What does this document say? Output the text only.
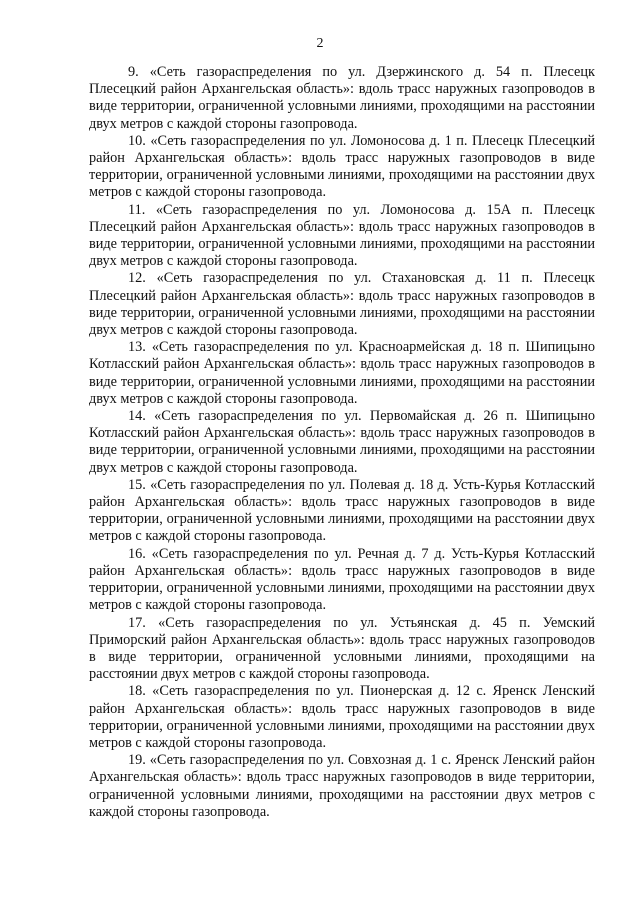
2

9. «Сеть газораспределения по ул. Дзержинского д. 54 п. Плесецк Плесецкий район Архангельская область»: вдоль трасс наружных газопроводов в виде территории, ограниченной условными линиями, проходящими на расстоянии двух метров с каждой стороны газопровода.

10. «Сеть газораспределения по ул. Ломоносова д. 1 п. Плесецк Плесецкий район Архангельская область»: вдоль трасс наружных газопроводов в виде территории, ограниченной условными линиями, проходящими на расстоянии двух метров с каждой стороны газопровода.

11. «Сеть газораспределения по ул. Ломоносова д. 15А п. Плесецк Плесецкий район Архангельская область»: вдоль трасс наружных газопроводов в виде территории, ограниченной условными линиями, проходящими на расстоянии двух метров с каждой стороны газопровода.

12. «Сеть газораспределения по ул. Стахановская д. 11 п. Плесецк Плесецкий район Архангельская область»: вдоль трасс наружных газопроводов в виде территории, ограниченной условными линиями, проходящими на расстоянии двух метров с каждой стороны газопровода.

13. «Сеть газораспределения по ул. Красноармейская д. 18 п. Шипицыно Котласский район Архангельская область»: вдоль трасс наружных газопроводов в виде территории, ограниченной условными линиями, проходящими на расстоянии двух метров с каждой стороны газопровода.

14. «Сеть газораспределения по ул. Первомайская д. 26 п. Шипицыно Котласский район Архангельская область»: вдоль трасс наружных газопроводов в виде территории, ограниченной условными линиями, проходящими на расстоянии двух метров с каждой стороны газопровода.

15. «Сеть газораспределения по ул. Полевая д. 18 д. Усть-Курья Котласский район Архангельская область»: вдоль трасс наружных газопроводов в виде территории, ограниченной условными линиями, проходящими на расстоянии двух метров с каждой стороны газопровода.

16. «Сеть газораспределения по ул. Речная д. 7 д. Усть-Курья Котласский район Архангельская область»: вдоль трасс наружных газопроводов в виде территории, ограниченной условными линиями, проходящими на расстоянии двух метров с каждой стороны газопровода.

17. «Сеть газораспределения по ул. Устьянская д. 45 п. Уемский Приморский район Архангельская область»: вдоль трасс наружных газопроводов в виде территории, ограниченной условными линиями, проходящими на расстоянии двух метров с каждой стороны газопровода.

18. «Сеть газораспределения по ул. Пионерская д. 12 с. Яренск Ленский район Архангельская область»: вдоль трасс наружных газопроводов в виде территории, ограниченной условными линиями, проходящими на расстоянии двух метров с каждой стороны газопровода.

19. «Сеть газораспределения по ул. Совхозная д. 1 с. Яренск Ленский район Архангельская область»: вдоль трасс наружных газопроводов в виде территории, ограниченной условными линиями, проходящими на расстоянии двух метров с каждой стороны газопровода.
